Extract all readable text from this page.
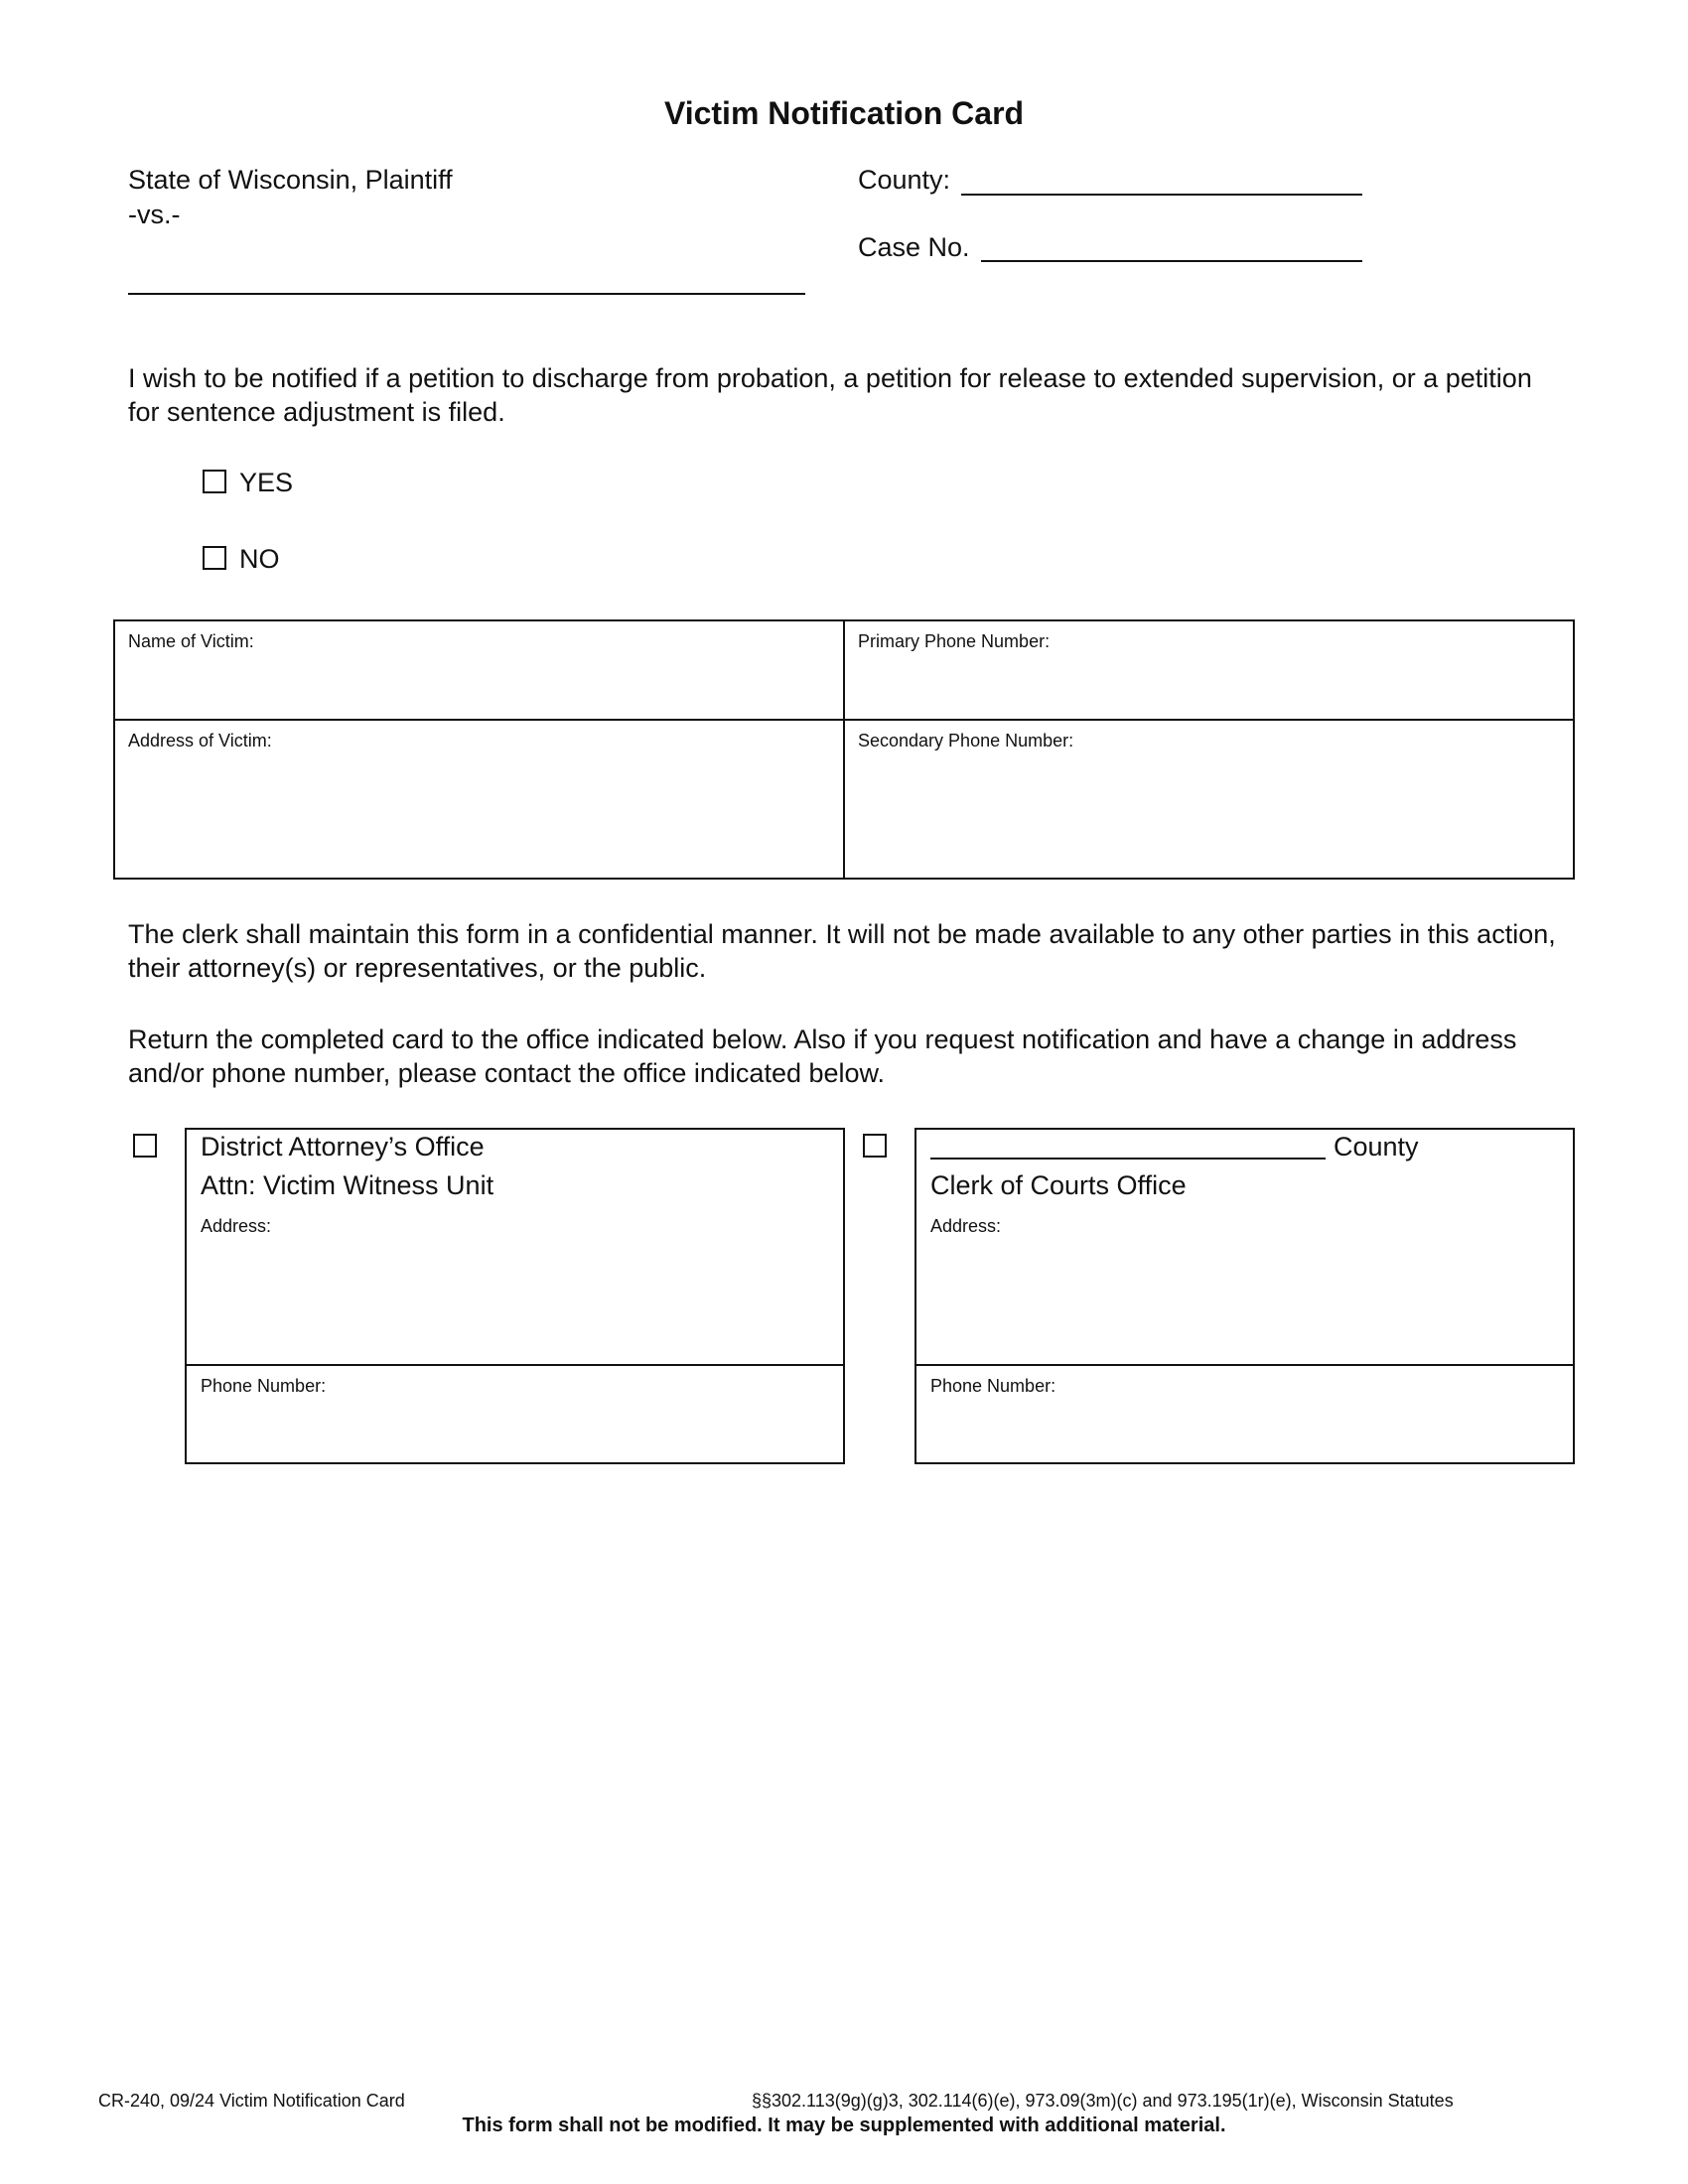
Victim Notification Card
State of Wisconsin, Plaintiff
-vs.-
County:
Case No.
I wish to be notified if a petition to discharge from probation, a petition for release to extended supervision, or a petition for sentence adjustment is filed.
YES
NO
Name of Victim:	Primary Phone Number:
Address of Victim:	Secondary Phone Number:
The clerk shall maintain this form in a confidential manner. It will not be made available to any other parties in this action, their attorney(s) or representatives, or the public.
Return the completed card to the office indicated below. Also if you request notification and have a change in address and/or phone number, please contact the office indicated below.
District Attorney’s Office
Attn: Victim Witness Unit
Address:
Phone Number:
County
Clerk of Courts Office
Address:
Phone Number:
CR-240, 09/24 Victim Notification Card	§§302.113(9g)(g)3, 302.114(6)(e), 973.09(3m)(c) and 973.195(1r)(e), Wisconsin Statutes
This form shall not be modified. It may be supplemented with additional material.
